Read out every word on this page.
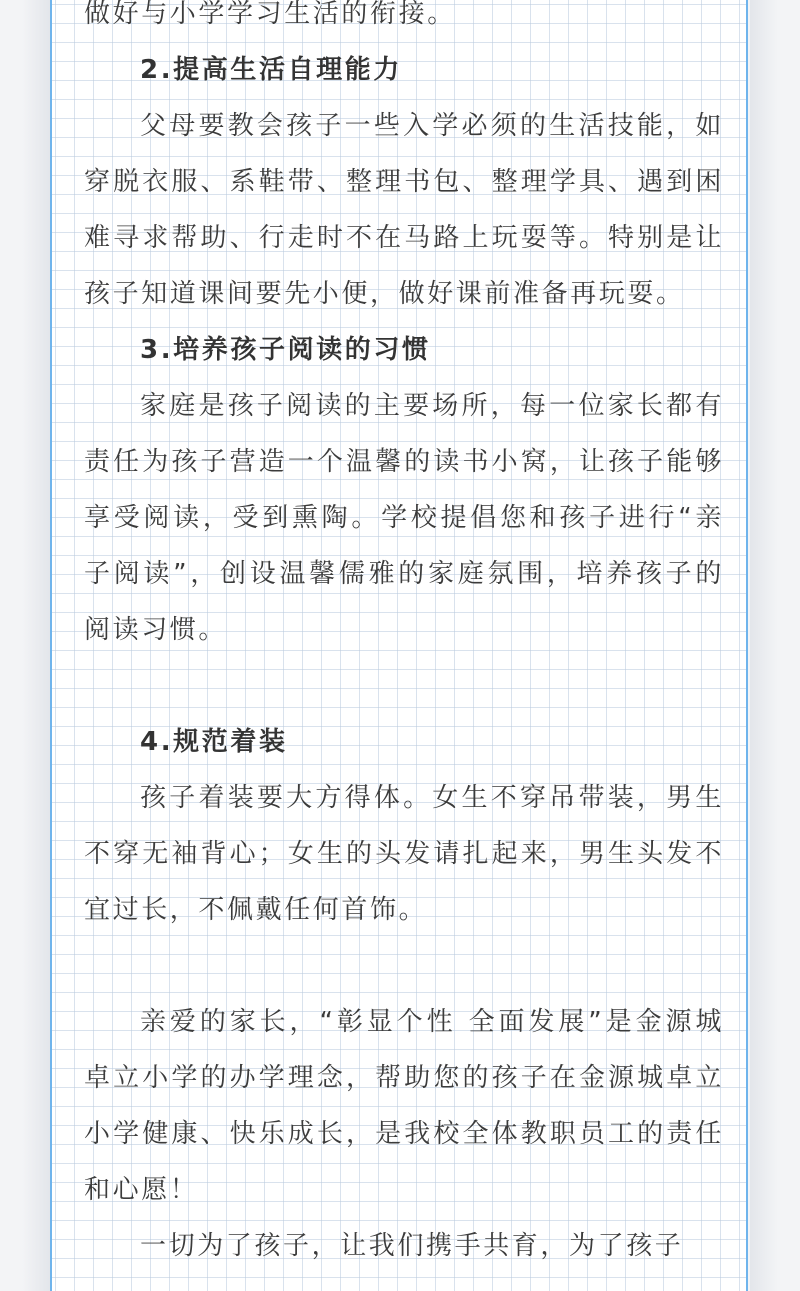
做好与小学学习生活的衔接。

2.提高生活自理能力

父母要教会孩子一些入学必须的生活技能，如穿脱衣服、系鞋带、整理书包、整理学具、遇到困难寻求帮助、行走时不在马路上玩耍等。特别是让孩子知道课间要先小便，做好课前准备再玩耍。

3.培养孩子阅读的习惯

家庭是孩子阅读的主要场所，每一位家长都有责任为孩子营造一个温馨的读书小窝，让孩子能够享受阅读，受到熏陶。学校提倡您和孩子进行“亲子阅读”，创设温馨儒雅的家庭氛围，培养孩子的阅读习惯。

4.规范着装

孩子着装要大方得体。女生不穿吊带装，男生不穿无袖背心；女生的头发请扎起来，男生头发不宜过长，不佩戴任何首饰。

亲爱的家长，“彰显个性 全面发展”是金源城卓立小学的办学理念，帮助您的孩子在金源城卓立小学健康、快乐成长，是我校全体教职员工的责任和心愿！

一切为了孩子，让我们携手共育，为了孩子
